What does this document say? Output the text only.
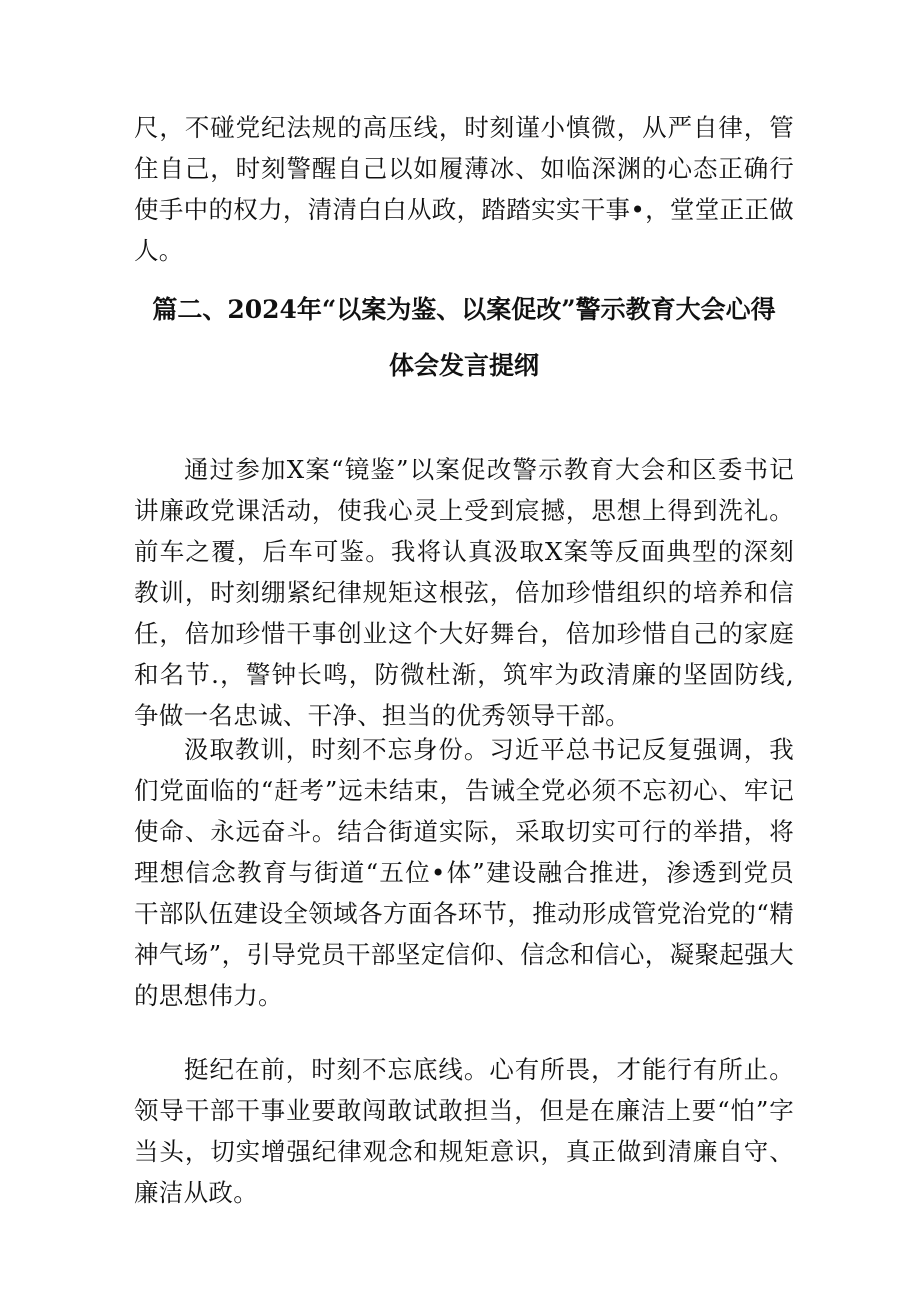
尺，不碰党纪法规的高压线，时刻谨小慎微，从严自律，管住自己，时刻警醒自己以如履薄冰、如临深渊的心态正确行使手中的权力，清清白白从政，踏踏实实干事•，堂堂正正做人。

篇二、2024年“以案为鉴、以案促改”警示教育大会心得
体会发言提纲

通过参加X案“镜鉴”以案促改警示教育大会和区委书记讲廉政党课活动，使我心灵上受到宸撼，思想上得到洗礼。前车之覆，后车可鉴。我将认真汲取X案等反面典型的深刻教训，时刻绷紧纪律规矩这根弦，倍加珍惜组织的培养和信任，倍加珍惜干事创业这个大好舞台，倍加珍惜自己的家庭和名节.，警钟长鸣，防微杜渐，筑牢为政清廉的坚固防线,争做一名忠诚、干净、担当的优秀领导干部。

汲取教训，时刻不忘身份。习近平总书记反复强调，我们党面临的“赶考”远未结束，告诫全党必须不忘初心、牢记使命、永远奋斗。结合街道实际，采取切实可行的举措，将理想信念教育与街道“五位•体”建设融合推进，渗透到党员干部队伍建设全领域各方面各环节，推动形成管党治党的“精神气场”，引导党员干部坚定信仰、信念和信心，凝聚起强大的思想伟力。

挺纪在前，时刻不忘底线。心有所畏，才能行有所止。领导干部干事业要敢闯敢试敢担当，但是在廉洁上要“怕”字当头，切实增强纪律观念和规矩意识，真正做到清廉自守、廉洁从政。
